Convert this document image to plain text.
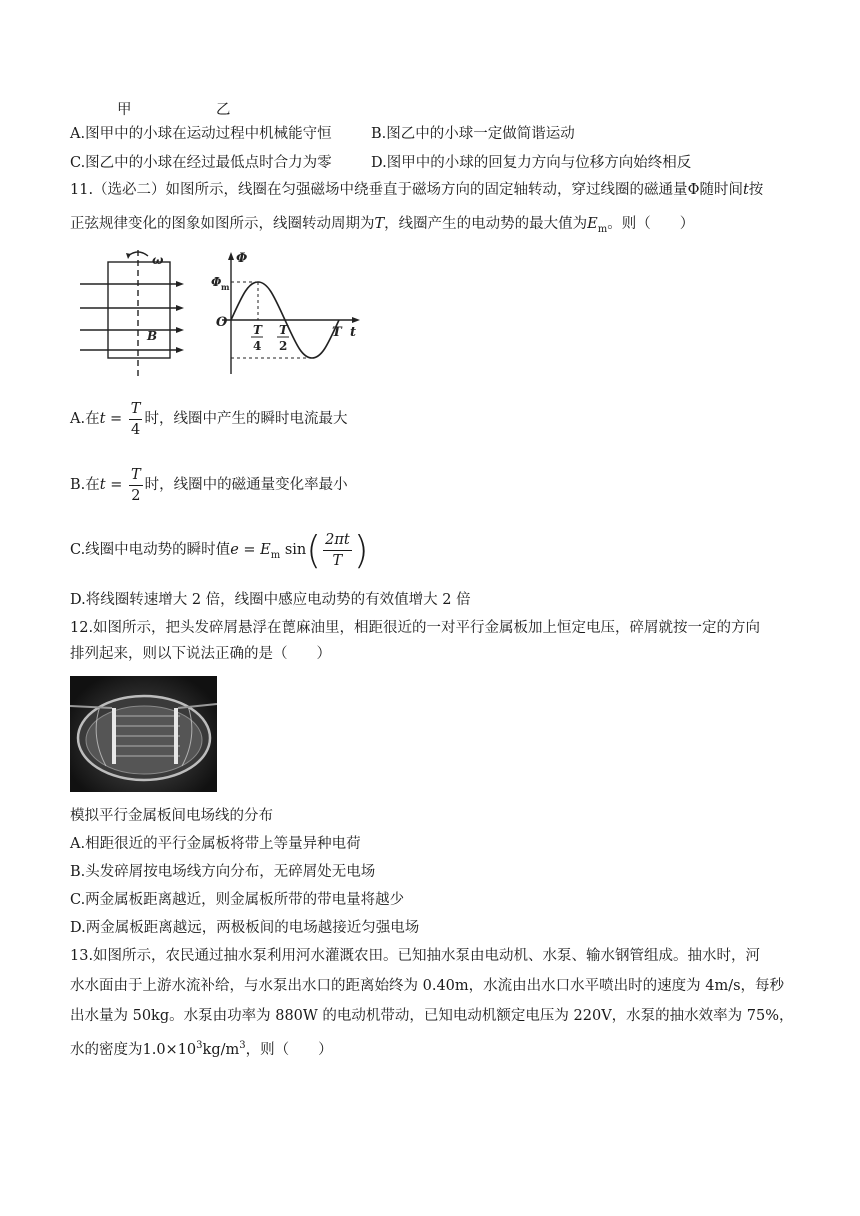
甲	乙
A.图甲中的小球在运动过程中机械能守恒	B.图乙中的小球一定做简谐运动
C.图乙中的小球在经过最低点时合力为零	D.图甲中的小球的回复力方向与位移方向始终相反
11.（选必二）如图所示，线圈在匀强磁场中绕垂直于磁场方向的固定轴转动，穿过线圈的磁通量Φ随时间t按
正弦规律变化的图象如图所示，线圈转动周期为T，线圈产生的电动势的最大值为$E_m$。则（　　）
ω
B
Φ
Φ m
O T
4
T
2
T t
A.在$t = \frac{T}{4}$ 时，线圈中产生的瞬时电流最大
B.在$t = \frac{T}{2}$ 时，线圈中的磁通量变化率最小
C.线圈中电动势的瞬时值$e = E_m$ $\sin( \frac{2\pi t}{T}$ )
D.将线圈转速增大 2 倍，线圈中感应电动势的有效值增大 2 倍
12.如图所示，把头发碎屑悬浮在蓖麻油里，相距很近的一对平行金属板加上恒定电压，碎屑就按一定的方向
排列起来，则以下说法正确的是（　　）
模拟平行金属板间电场线的分布
A.相距很近的平行金属板将带上等量异种电荷
B.头发碎屑按电场线方向分布，无碎屑处无电场
C.两金属板距离越近，则金属板所带的带电量将越少
D.两金属板距离越远，两极板间的电场越接近匀强电场
13.如图所示，农民通过抽水泵利用河水灌溉农田。已知抽水泵由电动机、水泵、输水钢管组成。抽水时，河
水水面由于上游水流补给，与水泵出水口的距离始终为 0.40m，水流由出水口水平喷出时的速度为 4m/s，每秒
出水量为 50kg。水泵由功率为 880W 的电动机带动，已知电动机额定电压为 220V，水泵的抽水效率为 75%，
水的密度为$1.0\times 10^3kg/m^3$，则（　　）
